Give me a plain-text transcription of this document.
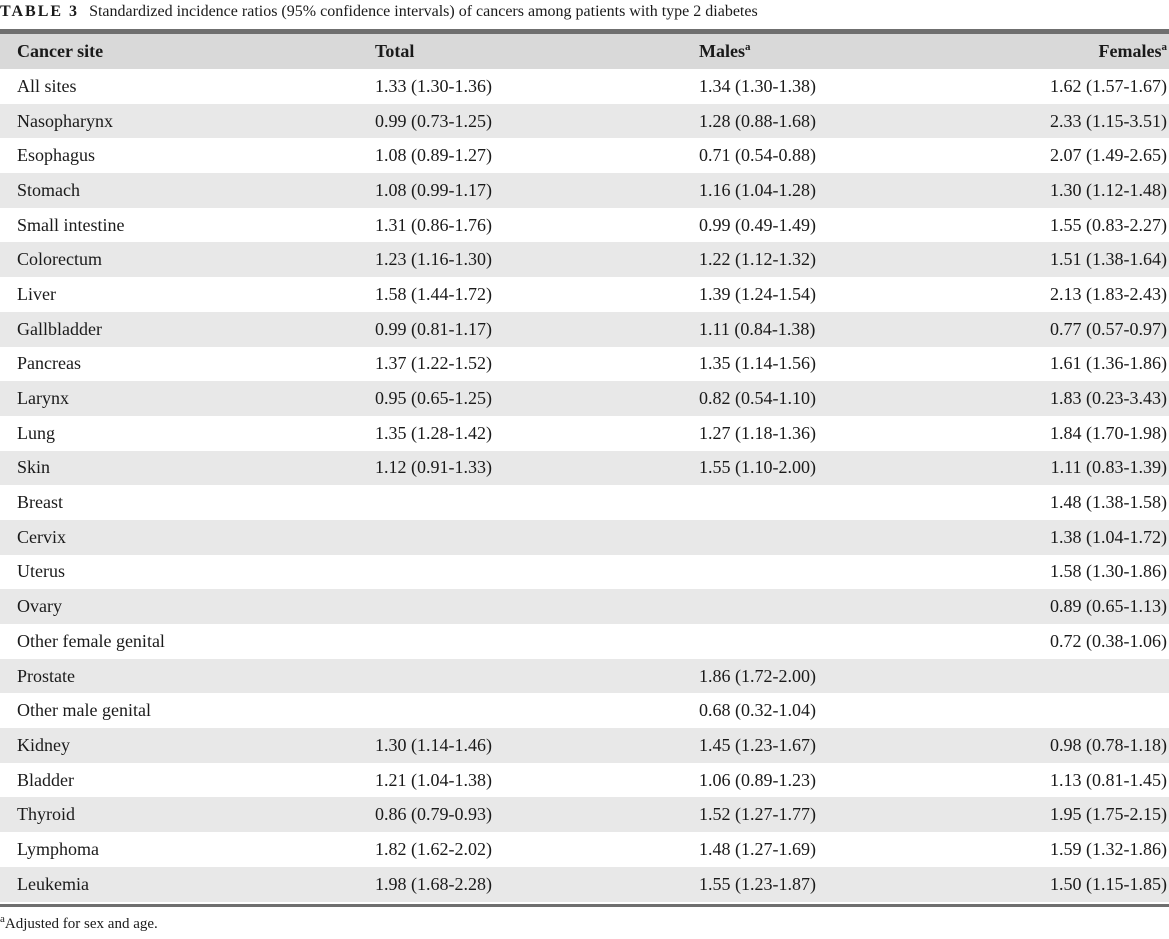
TABLE 3 Standardized incidence ratios (95% confidence intervals) of cancers among patients with type 2 diabetes
Cancer site	Total	Males$^a$	Females$^a$
All sites	1.33 (1.30-1.36)	1.34 (1.30-1.38)	1.62 (1.57-1.67)
Nasopharynx	0.99 (0.73-1.25)	1.28 (0.88-1.68)	2.33 (1.15-3.51)
Esophagus	1.08 (0.89-1.27)	0.71 (0.54-0.88)	2.07 (1.49-2.65)
Stomach	1.08 (0.99-1.17)	1.16 (1.04-1.28)	1.30 (1.12-1.48)
Small intestine	1.31 (0.86-1.76)	0.99 (0.49-1.49)	1.55 (0.83-2.27)
Colorectum	1.23 (1.16-1.30)	1.22 (1.12-1.32)	1.51 (1.38-1.64)
Liver	1.58 (1.44-1.72)	1.39 (1.24-1.54)	2.13 (1.83-2.43)
Gallbladder	0.99 (0.81-1.17)	1.11 (0.84-1.38)	0.77 (0.57-0.97)
Pancreas	1.37 (1.22-1.52)	1.35 (1.14-1.56)	1.61 (1.36-1.86)
Larynx	0.95 (0.65-1.25)	0.82 (0.54-1.10)	1.83 (0.23-3.43)
Lung	1.35 (1.28-1.42)	1.27 (1.18-1.36)	1.84 (1.70-1.98)
Skin	1.12 (0.91-1.33)	1.55 (1.10-2.00)	1.11 (0.83-1.39)
Breast			1.48 (1.38-1.58)
Cervix			1.38 (1.04-1.72)
Uterus			1.58 (1.30-1.86)
Ovary			0.89 (0.65-1.13)
Other female genital			0.72 (0.38-1.06)
Prostate		1.86 (1.72-2.00)	
Other male genital		0.68 (0.32-1.04)	
Kidney	1.30 (1.14-1.46)	1.45 (1.23-1.67)	0.98 (0.78-1.18)
Bladder	1.21 (1.04-1.38)	1.06 (0.89-1.23)	1.13 (0.81-1.45)
Thyroid	0.86 (0.79-0.93)	1.52 (1.27-1.77)	1.95 (1.75-2.15)
Lymphoma	1.82 (1.62-2.02)	1.48 (1.27-1.69)	1.59 (1.32-1.86)
Leukemia	1.98 (1.68-2.28)	1.55 (1.23-1.87)	1.50 (1.15-1.85)
$^a$Adjusted for sex and age.
